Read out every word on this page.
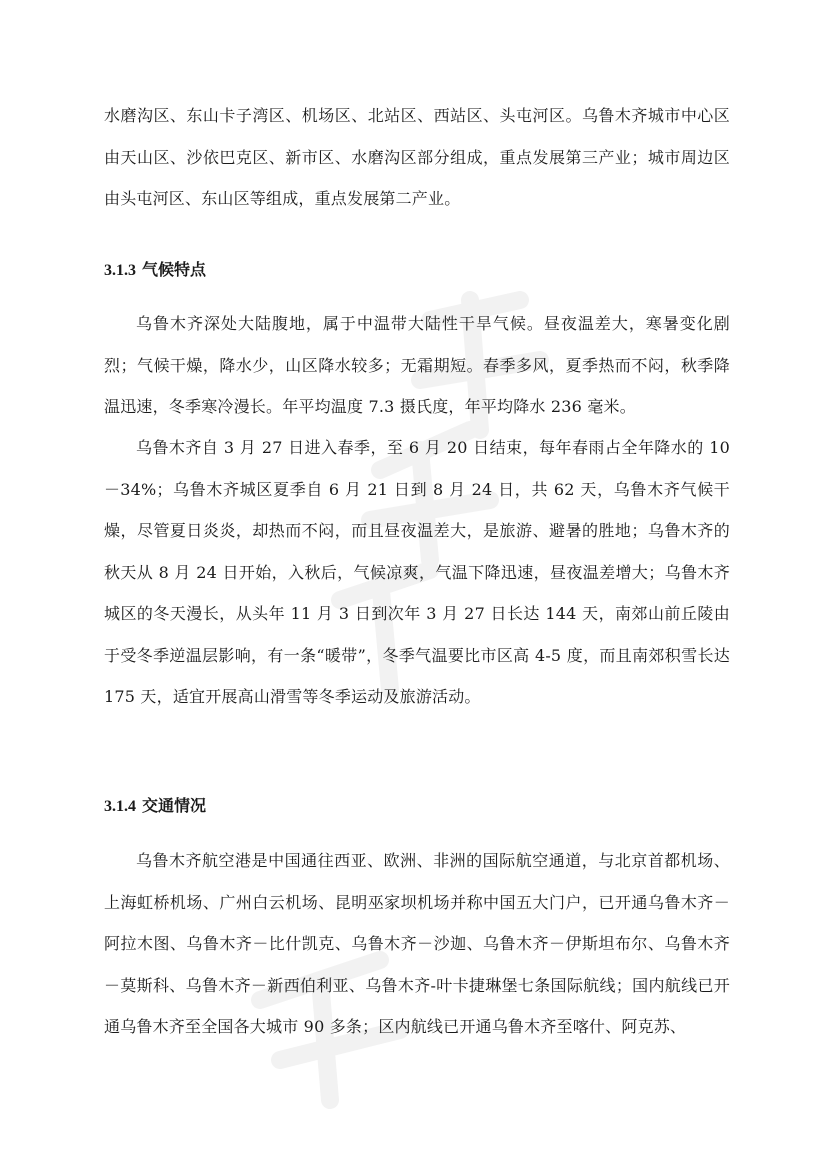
水磨沟区、东山卡子湾区、机场区、北站区、西站区、头屯河区。乌鲁木齐城市中心区由天山区、沙依巴克区、新市区、水磨沟区部分组成，重点发展第三产业；城市周边区由头屯河区、东山区等组成，重点发展第二产业。

3.1.3 气候特点

乌鲁木齐深处大陆腹地，属于中温带大陆性干旱气候。昼夜温差大，寒暑变化剧烈；气候干燥，降水少，山区降水较多；无霜期短。春季多风，夏季热而不闷，秋季降温迅速，冬季寒冷漫长。年平均温度 7.3 摄氏度，年平均降水 236 毫米。

乌鲁木齐自 3 月 27 日进入春季，至 6 月 20 日结束，每年春雨占全年降水的 10－34%；乌鲁木齐城区夏季自 6 月 21 日到 8 月 24 日，共 62 天，乌鲁木齐气候干燥，尽管夏日炎炎，却热而不闷，而且昼夜温差大，是旅游、避暑的胜地；乌鲁木齐的秋天从 8 月 24 日开始，入秋后，气候凉爽，气温下降迅速，昼夜温差增大；乌鲁木齐城区的冬天漫长，从头年 11 月 3 日到次年 3 月 27 日长达 144 天，南郊山前丘陵由于受冬季逆温层影响，有一条“暖带”，冬季气温要比市区高 4-5 度，而且南郊积雪长达 175 天，适宜开展高山滑雪等冬季运动及旅游活动。

3.1.4 交通情况

乌鲁木齐航空港是中国通往西亚、欧洲、非洲的国际航空通道，与北京首都机场、上海虹桥机场、广州白云机场、昆明巫家坝机场并称中国五大门户，已开通乌鲁木齐－阿拉木图、乌鲁木齐－比什凯克、乌鲁木齐－沙迦、乌鲁木齐－伊斯坦布尔、乌鲁木齐－莫斯科、乌鲁木齐－新西伯利亚、乌鲁木齐-叶卡捷琳堡七条国际航线；国内航线已开通乌鲁木齐至全国各大城市 90 多条；区内航线已开通乌鲁木齐至喀什、阿克苏、
